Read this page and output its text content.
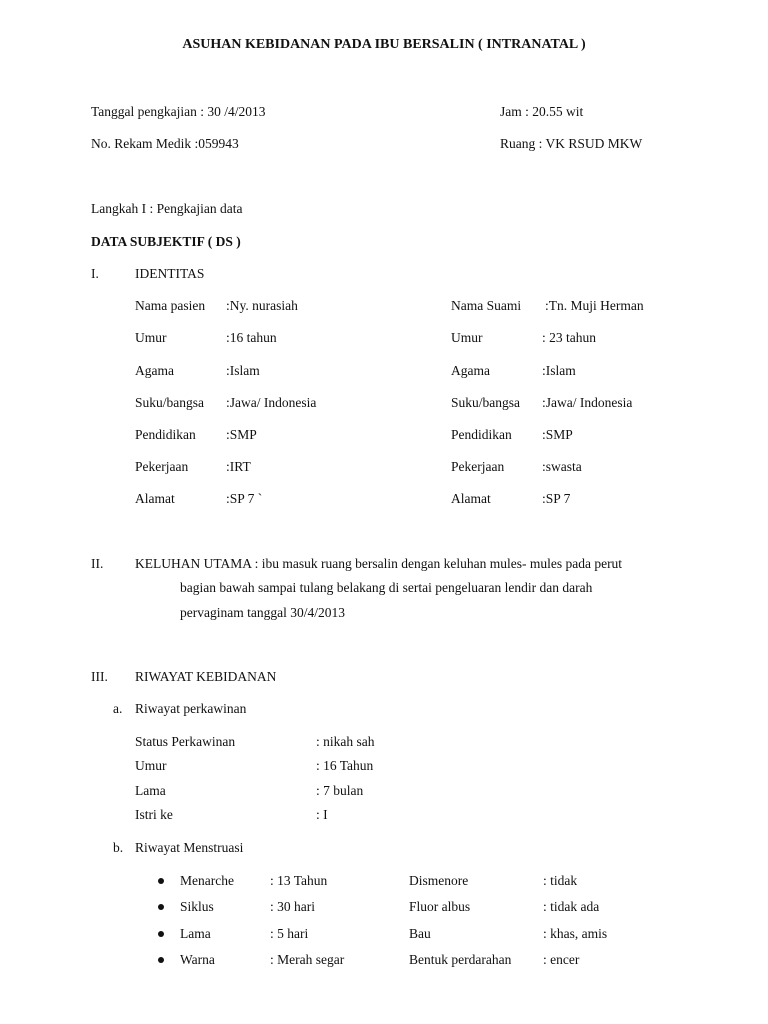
ASUHAN KEBIDANAN PADA IBU BERSALIN ( INTRANATAL )
Tanggal pengkajian : 30 /4/2013	Jam : 20.55 wit
No. Rekam Medik :059943	Ruang : VK RSUD MKW
Langkah I : Pengkajian data
DATA SUBJEKTIF ( DS )
I.	IDENTITAS
Nama pasien :Ny. nurasiah	Nama Suami :Tn. Muji Herman
Umur	:16 tahun	Umur	: 23 tahun
Agama	:Islam	Agama	:Islam
Suku/bangsa :Jawa/ Indonesia	Suku/bangsa :Jawa/ Indonesia
Pendidikan :SMP	Pendidikan :SMP
Pekerjaan	:IRT	Pekerjaan	:swasta
Alamat	:SP 7 `	Alamat	:SP 7
II. KELUHAN UTAMA : ibu masuk ruang bersalin dengan keluhan mules- mules pada perut
bagian bawah sampai tulang belakang di sertai pengeluaran lendir dan darah
pervaginam tanggal 30/4/2013
III. RIWAYAT KEBIDANAN
a. Riwayat perkawinan
Status Perkawinan	: nikah sah
Umur	: 16 Tahun
Lama	: 7 bulan
Istri ke	: I
b. Riwayat Menstruasi
Menarche	: 13 Tahun	Dismenore	: tidak
Siklus	: 30 hari	Fluor albus	: tidak ada
Lama	: 5 hari	Bau	: khas, amis
Warna	: Merah segar	Bentuk perdarahan : encer
